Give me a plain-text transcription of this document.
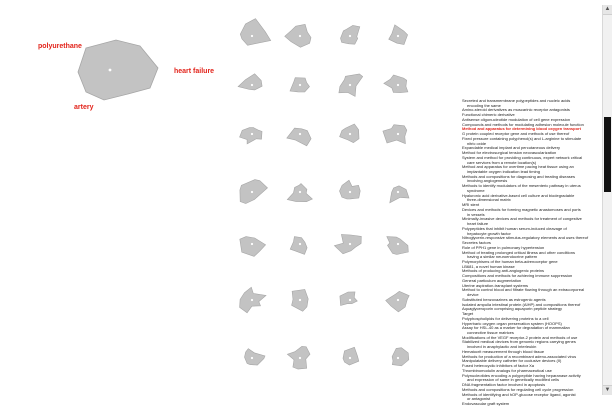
polyurethane
heart failure
artery
Secreted and transmembrane polypeptides and nucleic acids
encoding the same
Amino-steroid derivatives as muscarinic receptor antagonists
Functional chimeric derivative
Antisense oligonucleotide modulation of cell gene expression
Compounds and methods for modulating adhesion molecule function
Method and apparatus for determining blood oxygen transport
G protein coupled receptor gene and methods of use thereof
Fixed pressure containing polyphenol(s) and L-arginine to stimulate
nitric oxide
Expandable medical implant and percutaneous delivery
Method for electrosurgical tension neovascularization
System and method for providing continuous, expert network critical
care services from a remote location(s)
Method and apparatus for overtime pacing heat tissue using an
implantable oxygen indication lead timing
Methods and compositions for diagnosing and treating diseases
involving angiogenesis
Methods to identify modulators of the mesenteric pathway in uterus
syndrome
Hyaluronic acid derivative-based cell culture and biodegradable
three-dimensional matrix
MRI stent
Devices and methods for forming magnetic anastomoses and ports
in vessels
Minimally-invasive devices and methods for treatment of congestive
heart failure
Polypeptides that inhibit human serum-induced cleavage of
hepatocyte growth factor
Nitroglycerin-responsive stimulus-regulatory elements and uses thereof
Secretes factors
Role of PPH1 gene in pulmonary hypertension
Method of treating prolonged critical illness and other conditions
having a similar neuroendocrine pattern
Polymorphisms of the human beta-adrenoceptor gene
LB681, a novel human kinase
Methods of producing anti-angiogenic proteins
Compositions and methods for achieving immune suppression
General particulum augmentation
Uterine aspiration-transplant systems
Method to control blood and filtrate flowing through an extracorporeal
device
Substituted benzoxazines as estrogenic agents
Isolated ampulla intestinal protein (AIHP) and compositions thereof
Aquaglyceroporin comprising aquaporin peptide strategy
Target
Polyphospholipids for delivering proteins to a cell
Hyperbaric oxygen organ preservation system (HOOPS)
Assay for HSL-40 as a marker for degradation of mammalian
connective tissue matrices
Modifications of the VEGF receptor-2 protein and methods of use
Stabilized medical devices from genomic regions carrying genes
involved in anaphylactic and interleukin
Hematocrit measurement through blood tissue
Methods for production of a recombinant adeno-associated virus
Manipulatable delivery catheter for occlusive devices (II)
Fused heterocyclic inhibitors of factor Xa
Thrombinomodulin analogs for pharmaceutical use
Polynucleotides encoding a polypeptide having heparanase activity
and expression of same in genetically modified cells
DNA fragmentation factor involved in apoptosis
Methods and compositions for regulating cell cycle progression
Methods of identifying and hOP-glucose receptor ligand, agonist
or antagonist
Endovascular graft system
▲
▼
